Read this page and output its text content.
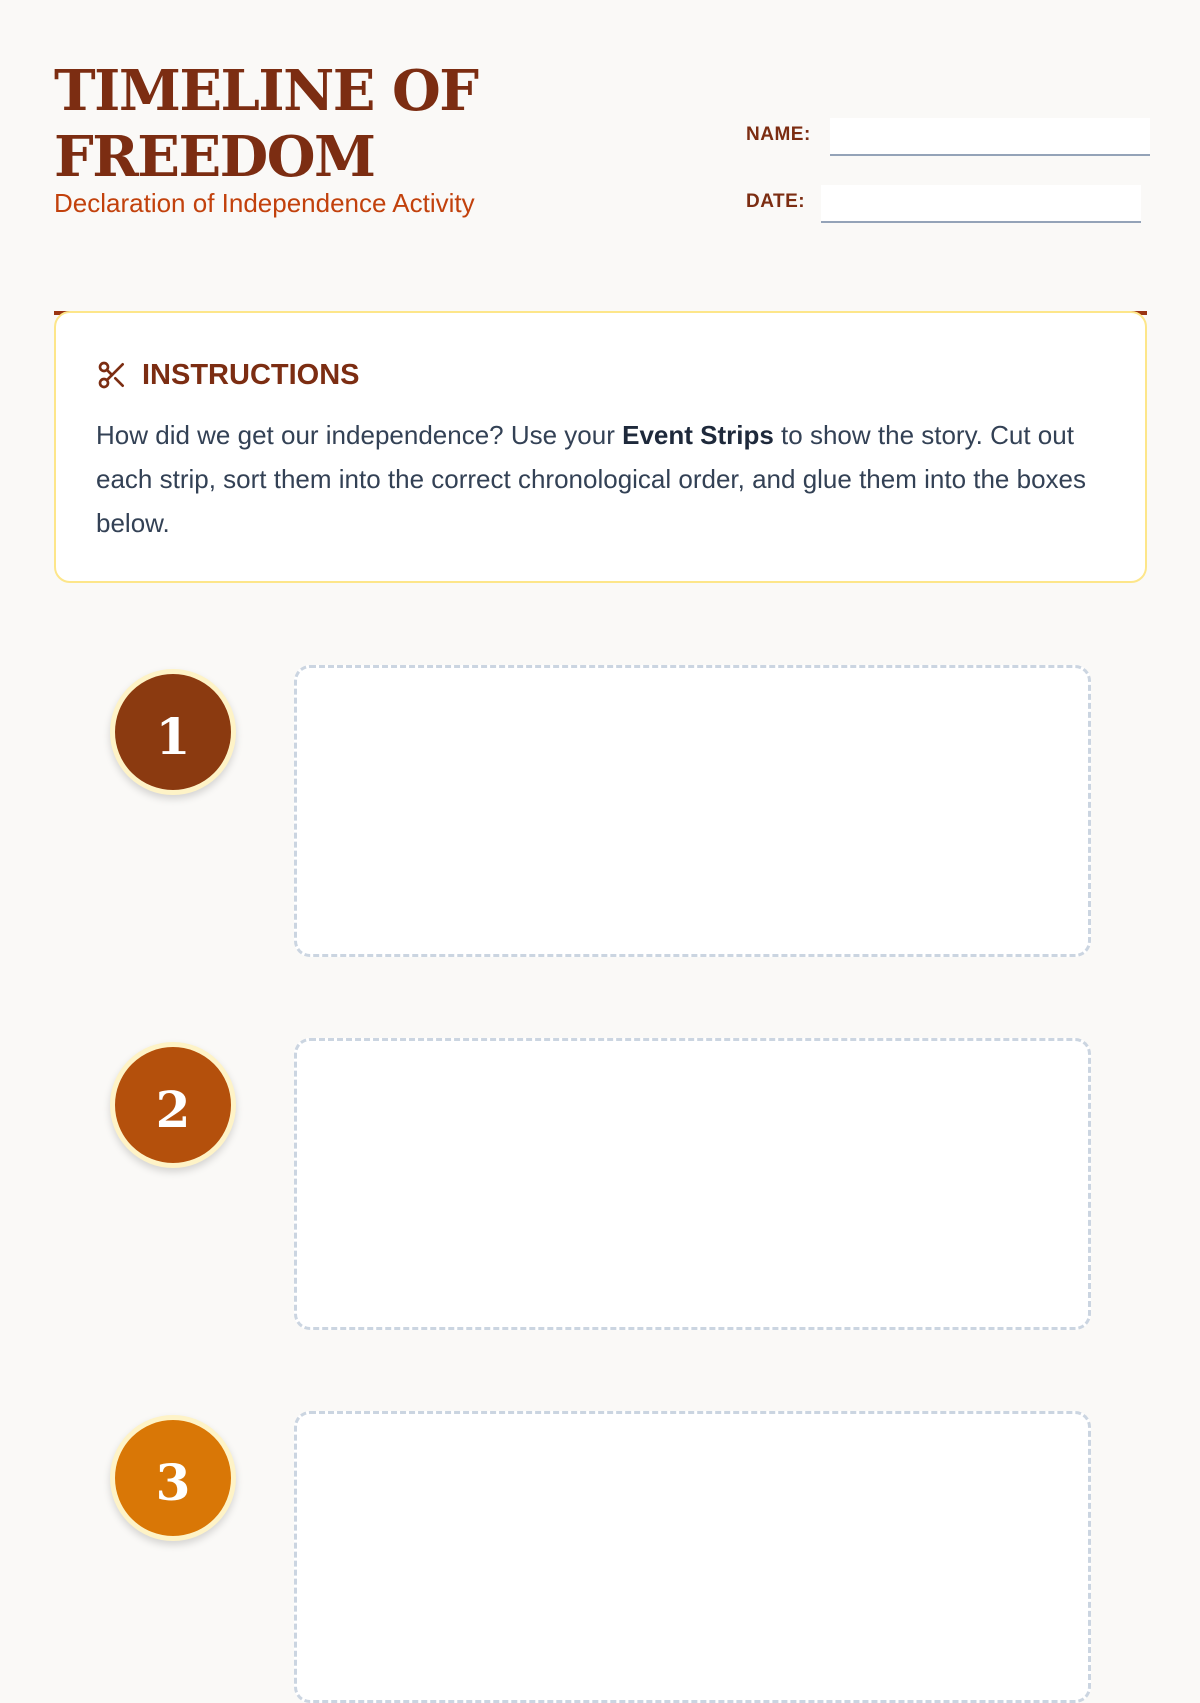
TIMELINE OF FREEDOM
Declaration of Independence Activity
NAME:
DATE:
INSTRUCTIONS
How did we get our independence? Use your Event Strips to show the story. Cut out each strip, sort them into the correct chronological order, and glue them into the boxes below.
1
2
3
